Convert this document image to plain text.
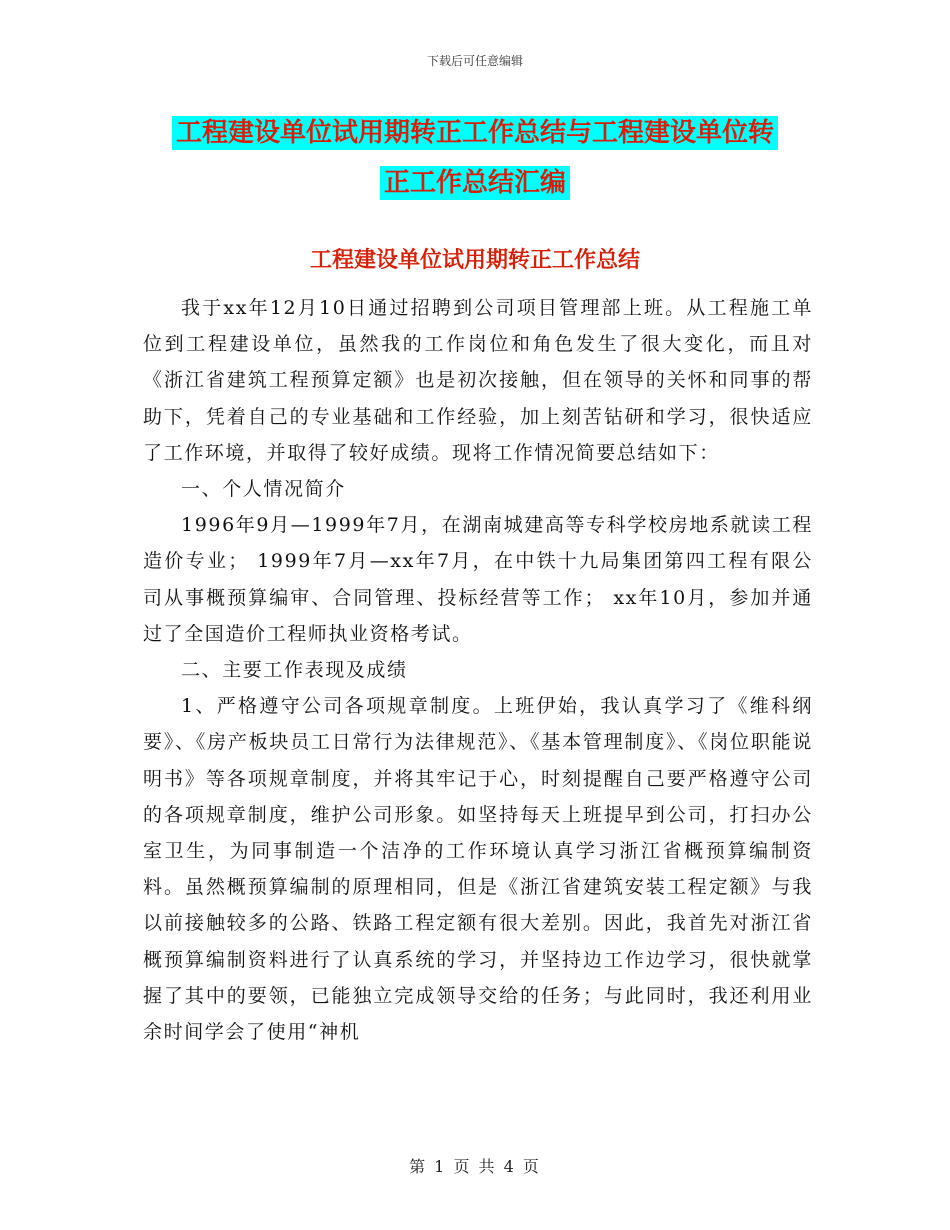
下载后可任意编辑
工程建设单位试用期转正工作总结与工程建设单位转
正工作总结汇编
工程建设单位试用期转正工作总结

我于xx年12月10日通过招聘到公司项目管理部上班。从工程施工单位到工程建设单位，虽然我的工作岗位和角色发生了很大变化，而且对《浙江省建筑工程预算定额》也是初次接触，但在领导的关怀和同事的帮助下，凭着自己的专业基础和工作经验，加上刻苦钻研和学习，很快适应了工作环境，并取得了较好成绩。现将工作情况简要总结如下：

一、个人情况简介

1996年9月—1999年7月，在湖南城建高等专科学校房地系就读工程造价专业； 1999年7月—xx年7月，在中铁十九局集团第四工程有限公司从事概预算编审、合同管理、投标经营等工作； xx年10月，参加并通过了全国造价工程师执业资格考试。

二、主要工作表现及成绩

1、严格遵守公司各项规章制度。上班伊始，我认真学习了《维科纲要》、《房产板块员工日常行为法律规范》、《基本管理制度》、《岗位职能说明书》等各项规章制度，并将其牢记于心，时刻提醒自己要严格遵守公司的各项规章制度，维护公司形象。如坚持每天上班提早到公司，打扫办公室卫生，为同事制造一个洁净的工作环境认真学习浙江省概预算编制资料。虽然概预算编制的原理相同，但是《浙江省建筑安装工程定额》与我以前接触较多的公路、铁路工程定额有很大差别。因此，我首先对浙江省概预算编制资料进行了认真系统的学习，并坚持边工作边学习，很快就掌握了其中的要领，已能独立完成领导交给的任务；与此同时，我还利用业余时间学会了使用“神机

第 1 页 共 4 页
